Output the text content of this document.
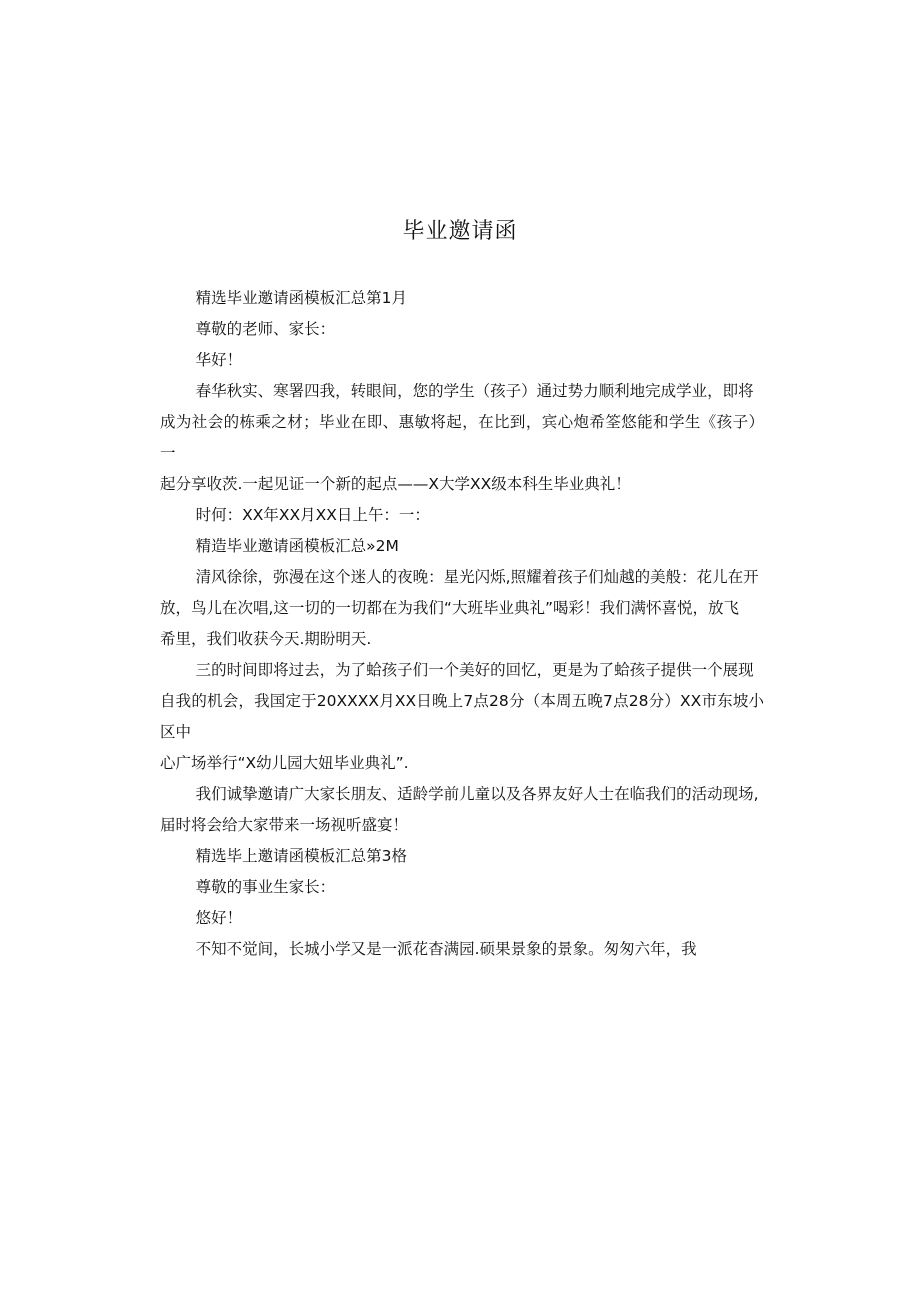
毕业邀请函
精选毕业邀请函模板汇总第1月
尊敬的老师、家长：
华好！
春华秋实、寒署四我，转眼间，您的学生（孩子）通过势力顺利地完成学业，即将
成为社会的栋乘之材；毕业在即、惠敏将起，在比到，宾心炮希筌悠能和学生《孩子）一
起分享收茨.一起见证一个新的起点——X大学XX级本科生毕业典礼！
时何：XX年XX月XX日上午：一：
精造毕业邀请函模板汇总»2M
清风徐徐，弥漫在这个迷人的夜晚：星光闪烁,照耀着孩子们灿越的美般：花儿在开
放，鸟儿在次唱,这一切的一切都在为我们“大班毕业典礼”喝彩！我们满怀喜悦，放飞
希里，我们收获今天.期盼明天.
三的时间即将过去，为了蛤孩子们一个美好的回忆，更是为了蛤孩子提供一个展现
自我的机会，我国定于20XXXX月XX日晚上7点28分（本周五晚7点28分）XX市东坡小区中
心广场举行“X幼儿园大妞毕业典礼”.
我们诚挚邀请广大家长朋友、适龄学前儿童以及各界友好人士在临我们的活动现场,
届时将会给大家带来一场视听盛宴！
精选毕上邀请函模板汇总第3格
尊敬的事业生家长：
悠好！
不知不觉间，长城小学又是一派花杳满园.硕果景象的景象。匆匆六年，我
